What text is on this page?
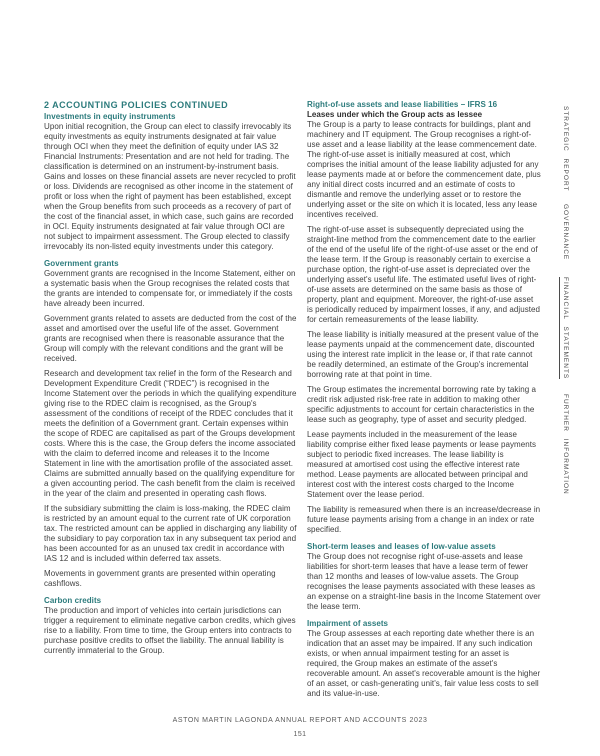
2 ACCOUNTING POLICIES CONTINUED
Investments in equity instruments

Upon initial recognition, the Group can elect to classify irrevocably its equity investments as equity instruments designated at fair value through OCI when they meet the definition of equity under IAS 32 Financial Instruments: Presentation and are not held for trading. The classification is determined on an instrument-by-instrument basis. Gains and losses on these financial assets are never recycled to profit or loss. Dividends are recognised as other income in the statement of profit or loss when the right of payment has been established, except when the Group benefits from such proceeds as a recovery of part of the cost of the financial asset, in which case, such gains are recorded in OCI. Equity instruments designated at fair value through OCI are not subject to impairment assessment. The Group elected to classify irrevocably its non-listed equity investments under this category.

Government grants

Government grants are recognised in the Income Statement, either on a systematic basis when the Group recognises the related costs that the grants are intended to compensate for, or immediately if the costs have already been incurred.

Government grants related to assets are deducted from the cost of the asset and amortised over the useful life of the asset. Government grants are recognised when there is reasonable assurance that the Group will comply with the relevant conditions and the grant will be received.

Research and development tax relief in the form of the Research and Development Expenditure Credit (“RDEC”) is recognised in the Income Statement over the periods in which the qualifying expenditure giving rise to the RDEC claim is recognised, as the Group's assessment of the conditions of receipt of the RDEC concludes that it meets the definition of a Government grant. Certain expenses within the scope of RDEC are capitalised as part of the Groups development costs. Where this is the case, the Group defers the income associated with the claim to deferred income and releases it to the Income Statement in line with the amortisation profile of the associated asset. Claims are submitted annually based on the qualifying expenditure for a given accounting period. The cash benefit from the claim is received in the year of the claim and presented in operating cash flows.

If the subsidiary submitting the claim is loss-making, the RDEC claim is restricted by an amount equal to the current rate of UK corporation tax. The restricted amount can be applied in discharging any liability of the subsidiary to pay corporation tax in any subsequent tax period and has been accounted for as an unused tax credit in accordance with IAS 12 and is included within deferred tax assets.

Movements in government grants are presented within operating cashflows.

Carbon credits

The production and import of vehicles into certain jurisdictions can trigger a requirement to eliminate negative carbon credits, which gives rise to a liability. From time to time, the Group enters into contracts to purchase positive credits to offset the liability. The annual liability is currently immaterial to the Group.

Right-of-use assets and lease liabilities – IFRS 16
Leases under which the Group acts as lessee

The Group is a party to lease contracts for buildings, plant and machinery and IT equipment. The Group recognises a right-of-use asset and a lease liability at the lease commencement date. The right-of-use asset is initially measured at cost, which comprises the initial amount of the lease liability adjusted for any lease payments made at or before the commencement date, plus any initial direct costs incurred and an estimate of costs to dismantle and remove the underlying asset or to restore the underlying asset or the site on which it is located, less any lease incentives received.

The right-of-use asset is subsequently depreciated using the straight-line method from the commencement date to the earlier of the end of the useful life of the right-of-use asset or the end of the lease term. If the Group is reasonably certain to exercise a purchase option, the right-of-use asset is depreciated over the underlying asset's useful life. The estimated useful lives of right-of-use assets are determined on the same basis as those of property, plant and equipment. Moreover, the right-of-use asset is periodically reduced by impairment losses, if any, and adjusted for certain remeasurements of the lease liability.

The lease liability is initially measured at the present value of the lease payments unpaid at the commencement date, discounted using the interest rate implicit in the lease or, if that rate cannot be readily determined, an estimate of the Group's incremental borrowing rate at that point in time.

The Group estimates the incremental borrowing rate by taking a credit risk adjusted risk-free rate in addition to making other specific adjustments to account for certain characteristics in the lease such as geography, type of asset and security pledged.

Lease payments included in the measurement of the lease liability comprise either fixed lease payments or lease payments subject to periodic fixed increases. The lease liability is measured at amortised cost using the effective interest rate method. Lease payments are allocated between principal and interest cost with the interest costs charged to the Income Statement over the lease period.

The liability is remeasured when there is an increase/decrease in future lease payments arising from a change in an index or rate specified.

Short-term leases and leases of low-value assets

The Group does not recognise right of-use-assets and lease liabilities for short-term leases that have a lease term of fewer than 12 months and leases of low-value assets. The Group recognises the lease payments associated with these leases as an expense on a straight-line basis in the Income Statement over the lease term.

Impairment of assets

The Group assesses at each reporting date whether there is an indication that an asset may be impaired. If any such indication exists, or when annual impairment testing for an asset is required, the Group makes an estimate of the asset's recoverable amount. An asset's recoverable amount is the higher of an asset, or cash-generating unit's, fair value less costs to sell and its value-in-use.

STRATEGIC REPORT
GOVERNANCE
FINANCIAL STATEMENTS
FURTHER INFORMATION
ASTON MARTIN LAGONDA ANNUAL REPORT AND ACCOUNTS 2023
151
